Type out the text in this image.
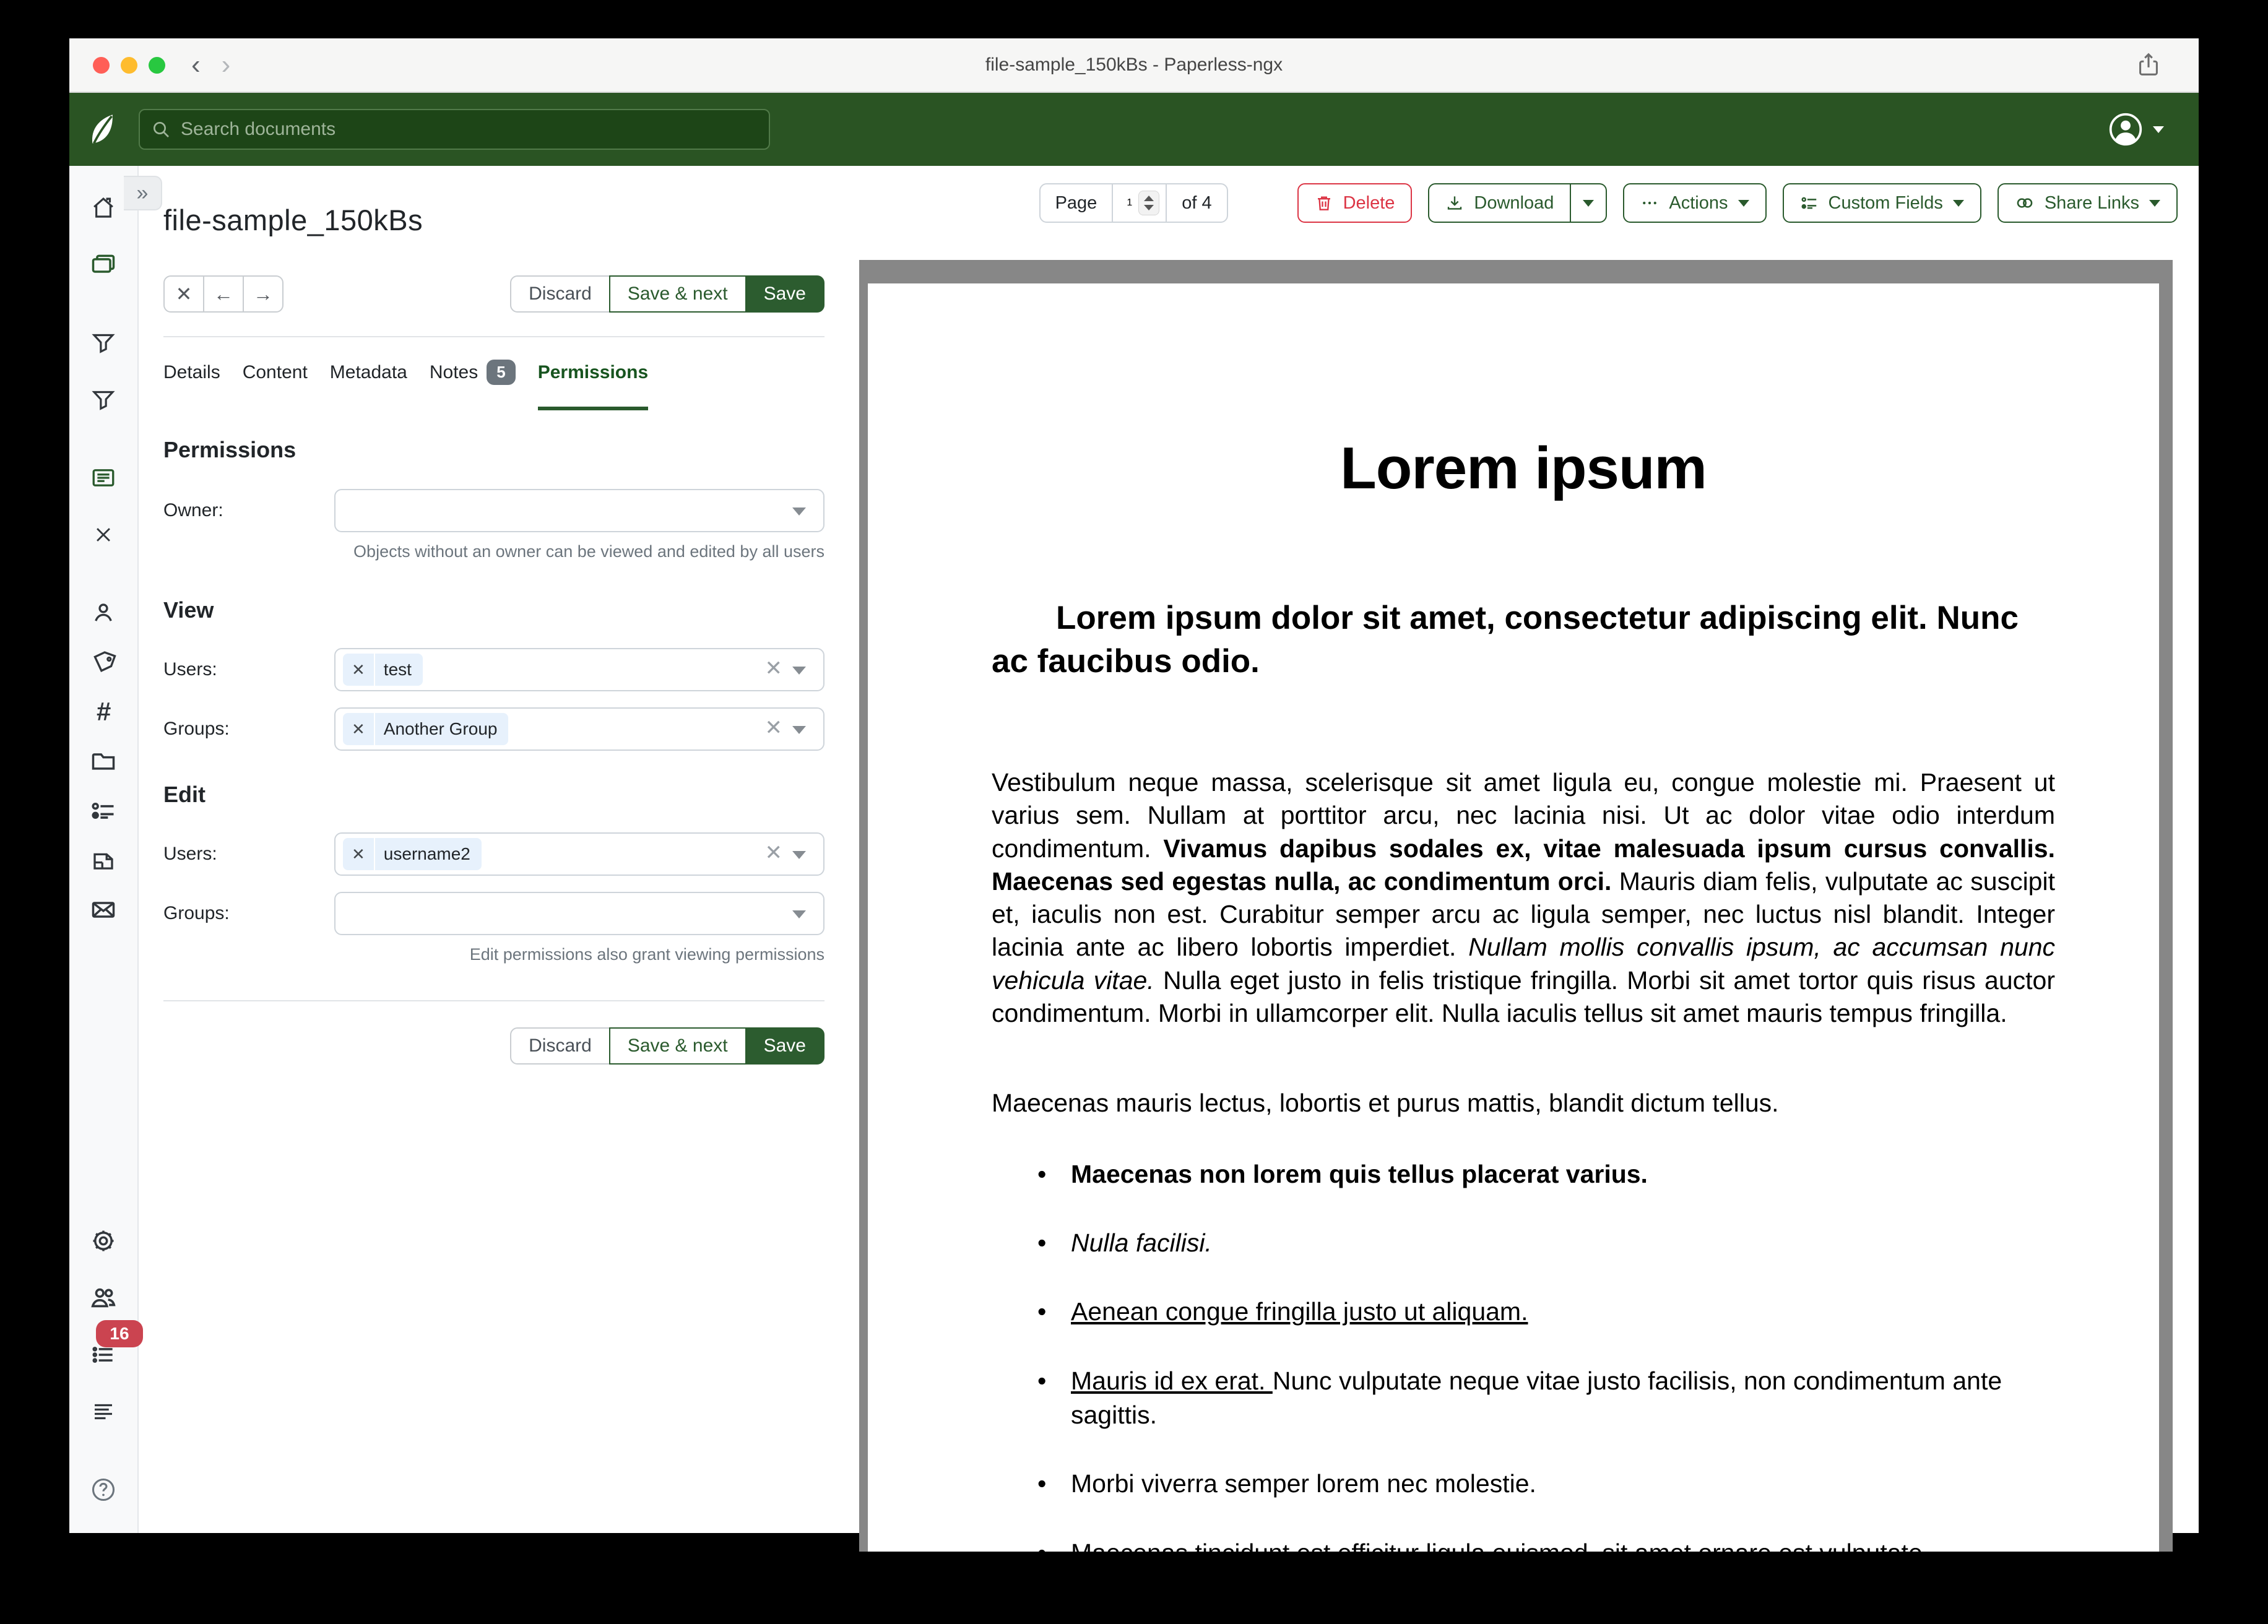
‹ ›	file-sample_150kBs - Paperless-ngx
Search documents
»
#
16
file-sample_150kBs
✕	←	→	Discard	Save & next	Save
Details Content Metadata Notes	5	Permissions
Permissions
Owner:
Objects without an owner can be viewed and edited by all users
View
Users:	✕	test	✕
Groups:	✕	Another Group	✕
Edit
Users:	✕	username2	✕
Groups:
Edit permissions also grant viewing permissions
Discard	Save & next	Save
Page	1	of 4	Delete	Download	Actions	Custom Fields	Share Links
Lorem ipsum
Lorem ipsum dolor sit amet, consectetur adipiscing elit. Nunc ac faucibus odio.

Vestibulum neque massa, scelerisque sit amet ligula eu, congue molestie mi. Praesent ut varius sem. Nullam at porttitor arcu, nec lacinia nisi. Ut ac dolor vitae odio interdum condimentum. Vivamus dapibus sodales ex, vitae malesuada ipsum cursus convallis. Maecenas sed egestas nulla, ac condimentum orci. Mauris diam felis, vulputate ac suscipit et, iaculis non est. Curabitur semper arcu ac ligula semper, nec luctus nisl blandit. Integer lacinia ante ac libero lobortis imperdiet. Nullam mollis convallis ipsum, ac accumsan nunc vehicula vitae. Nulla eget justo in felis tristique fringilla. Morbi sit amet tortor quis risus auctor condimentum. Morbi in ullamcorper elit. Nulla iaculis tellus sit amet mauris tempus fringilla.

Maecenas mauris lectus, lobortis et purus mattis, blandit dictum tellus.

• Maecenas non lorem quis tellus placerat varius.
• Nulla facilisi.
• Aenean congue fringilla justo ut aliquam.
• Mauris id ex erat. Nunc vulputate neque vitae justo facilisis, non condimentum ante sagittis.
• Morbi viverra semper lorem nec molestie.
• Maecenas tincidunt est efficitur ligula euismod, sit amet ornare est vulputate.
